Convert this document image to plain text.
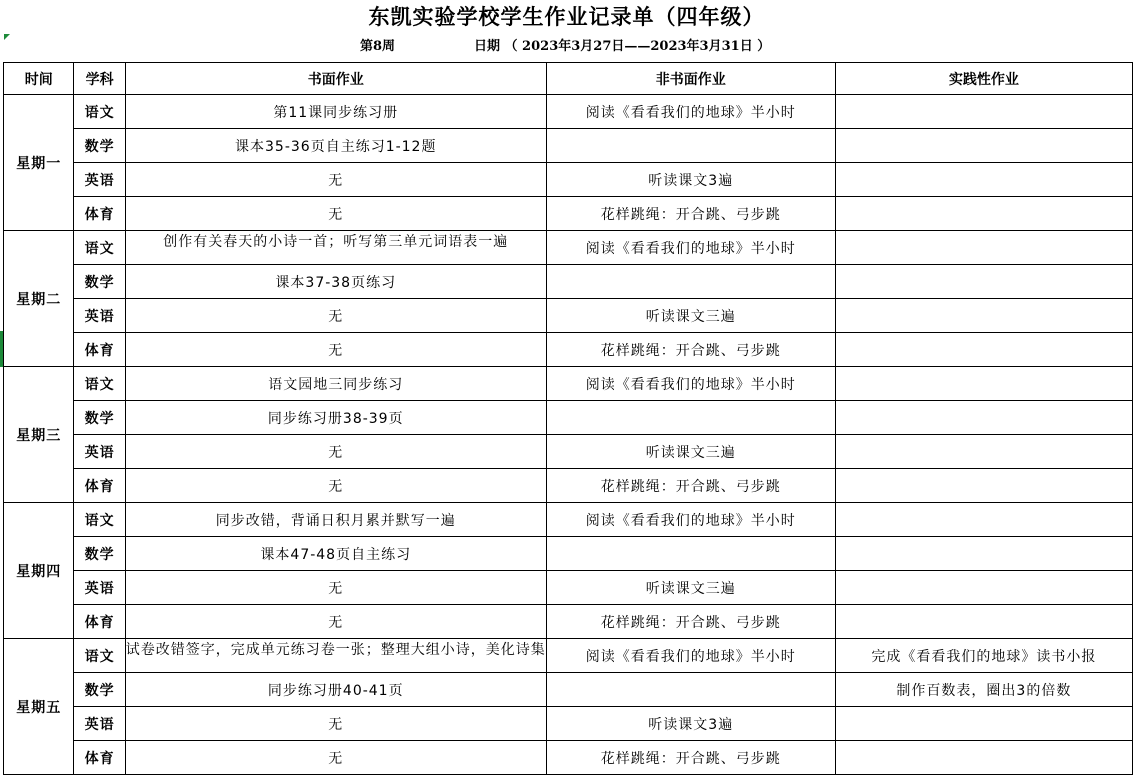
东凯实验学校学生作业记录单（四年级）
第8周	日期 （ 2023年3月27日——2023年3月31日 ）
时间	学科	书面作业	非书面作业	实践性作业
星期一	语文	第11课同步练习册	阅读《看看我们的地球》半小时	
	数学	课本35-36页自主练习1-12题		
	英语	无	听读课文3遍	
	体育	无	花样跳绳：开合跳、弓步跳	
星期二	语文	创作有关春天的小诗一首；听写第三单元词语表一遍	阅读《看看我们的地球》半小时	
	数学	课本37-38页练习		
	英语	无	听读课文三遍	
	体育	无	花样跳绳：开合跳、弓步跳	
星期三	语文	语文园地三同步练习	阅读《看看我们的地球》半小时	
	数学	同步练习册38-39页		
	英语	无	听读课文三遍	
	体育	无	花样跳绳：开合跳、弓步跳	
星期四	语文	同步改错，背诵日积月累并默写一遍	阅读《看看我们的地球》半小时	
	数学	课本47-48页自主练习		
	英语	无	听读课文三遍	
	体育	无	花样跳绳：开合跳、弓步跳	
星期五	语文	试卷改错签字，完成单元练习卷一张；整理大组小诗，美化诗集	阅读《看看我们的地球》半小时	完成《看看我们的地球》读书小报
	数学	同步练习册40-41页		制作百数表，圈出3的倍数
	英语	无	听读课文3遍	
	体育	无	花样跳绳：开合跳、弓步跳	
